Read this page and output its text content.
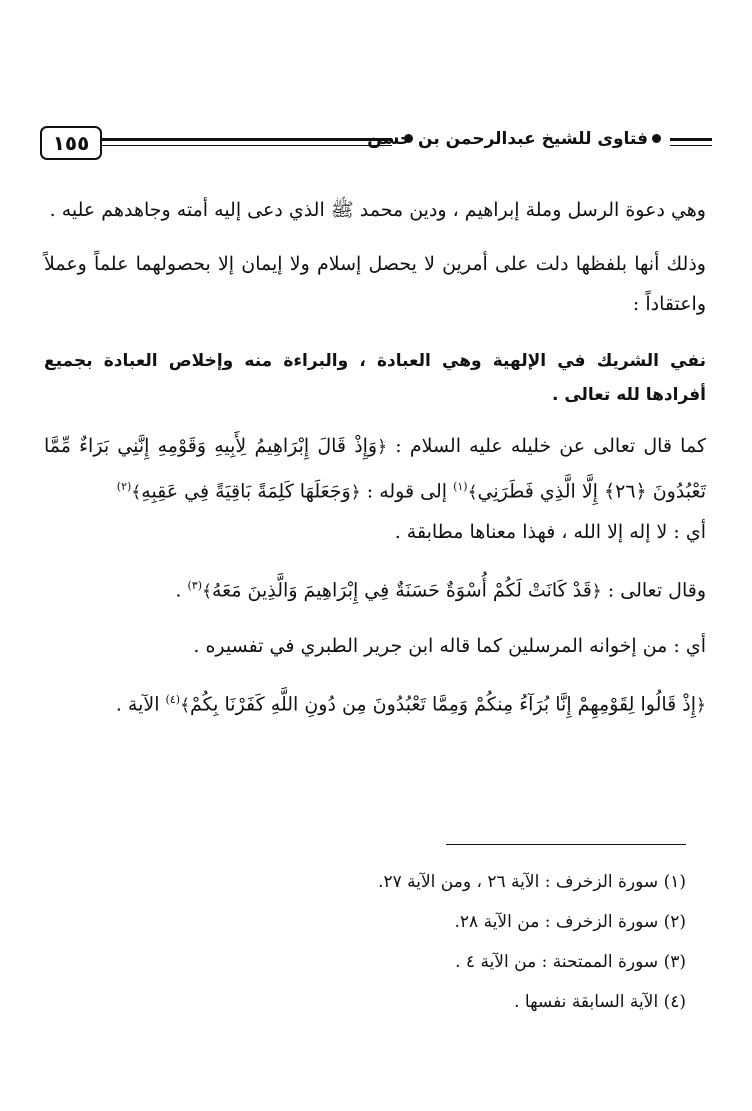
١٥٥	فتاوى للشيخ عبدالرحمن بن حسن

وهي دعوة الرسل وملة إبراهيم ، ودين محمد ﷺ الذي دعى إليه أمته وجاهدهم عليه .

وذلك أنها بلفظها دلت على أمرين لا يحصل إسلام ولا إيمان إلا بحصولهما علماً وعملاً واعتقاداً :

نفي الشريك في الإلهية وهي العبادة ، والبراءة منه وإخلاص العبادة بجميع أفرادها لله تعالى .

كما قال تعالى عن خليله عليه السلام : ﴿وَإِذْ قَالَ إِبْرَاهِيمُ لِأَبِيهِ وَقَوْمِهِ إِنَّنِي بَرَاءٌ مِّمَّا تَعْبُدُونَ ﴿٢٦﴾ إِلَّا الَّذِي فَطَرَنِي﴾$^{(١)}$ إلى قوله : ﴿وَجَعَلَهَا كَلِمَةً بَاقِيَةً فِي عَقِبِهِ﴾$^{(٢)}$

أي : لا إله إلا الله ، فهذا معناها مطابقة .

وقال تعالى : ﴿قَدْ كَانَتْ لَكُمْ أُسْوَةٌ حَسَنَةٌ فِي إِبْرَاهِيمَ وَالَّذِينَ مَعَهُ﴾$^{(٣)}$ .

أي : من إخوانه المرسلين كما قاله ابن جرير الطبري في تفسيره .

﴿إِذْ قَالُوا لِقَوْمِهِمْ إِنَّا بُرَآءُ مِنكُمْ وَمِمَّا تَعْبُدُونَ مِن دُونِ اللَّهِ كَفَرْنَا بِكُمْ﴾$^{(٤)}$ الآية .

(١) سورة الزخرف : الآية ٢٦ ، ومن الآية ٢٧.

(٢) سورة الزخرف : من الآية ٢٨.

(٣) سورة الممتحنة : من الآية ٤ .

(٤) الآية السابقة نفسها .
